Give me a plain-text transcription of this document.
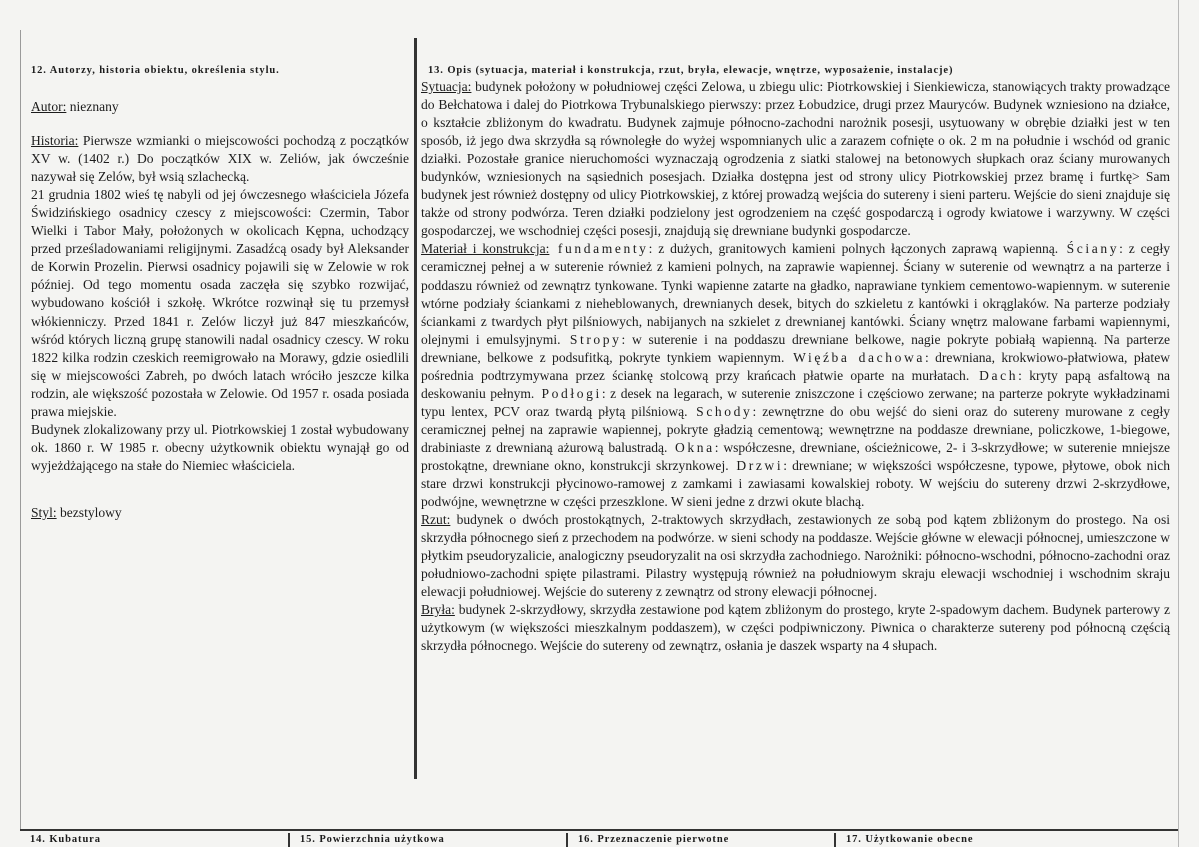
12. Autorzy, historia obiektu, określenia stylu.	13. Opis (sytuacja, materiał i konstrukcja, rzut, bryła, elewacje, wnętrze, wyposażenie, instalacje)

Autor: nieznany

Historia: Pierwsze wzmianki o miejscowości pochodzą z początków XV w. (1402 r.) Do początków XIX w. Zeliów, jak ówcześnie nazywał się Zelów, był wsią szlachecką.

21 grudnia 1802 wieś tę nabyli od jej ówczesnego właściciela Józefa Świdzińskiego osadnicy czescy z miejscowości: Czermin, Tabor Wielki i Tabor Mały, położonych w okolicach Kępna, uchodzący przed prześladowaniami religijnymi. Zasadźcą osady był Aleksander de Korwin Prozelin. Pierwsi osadnicy pojawili się w Zelowie w rok później. Od tego momentu osada zaczęła się szybko rozwijać, wybudowano kościół i szkołę. Wkrótce rozwinął się tu przemysł włókienniczy. Przed 1841 r. Zelów liczył już 847 mieszkańców, wśród których liczną grupę stanowili nadal osadnicy czescy. W roku 1822 kilka rodzin czeskich reemigrowało na Morawy, gdzie osiedlili się w miejscowości Zabreh, po dwóch latach wróciło jeszcze kilka rodzin, ale większość pozostała w Zelowie. Od 1957 r. osada posiada prawa miejskie.

Budynek zlokalizowany przy ul. Piotrkowskiej 1 został wybudowany ok. 1860 r. W 1985 r. obecny użytkownik obiektu wynajął go od wyjeżdżającego na stałe do Niemiec właściciela.

Styl: bezstylowy

Sytuacja: budynek położony w południowej części Zelowa, u zbiegu ulic: Piotrkowskiej i Sienkiewicza, stanowiących trakty prowadzące do Bełchatowa i dalej do Piotrkowa Trybunalskiego pierwszy: przez Łobudzice, drugi przez Mauryców. Budynek wzniesiono na działce, o kształcie zbliżonym do kwadratu. Budynek zajmuje północno-zachodni narożnik posesji, usytuowany w obrębie działki jest w ten sposób, iż jego dwa skrzydła są równoległe do wyżej wspomnianych ulic a zarazem cofnięte o ok. 2 m na południe i wschód od granic działki. Pozostałe granice nieruchomości wyznaczają ogrodzenia z siatki stalowej na betonowych słupkach oraz ściany murowanych budynków, wzniesionych na sąsiednich posesjach. Działka dostępna jest od strony ulicy Piotrkowskiej przez bramę i furtkę> Sam budynek jest również dostępny od ulicy Piotrkowskiej, z której prowadzą wejścia do sutereny i sieni parteru. Wejście do sieni znajduje się także od strony podwórza. Teren działki podzielony jest ogrodzeniem na część gospodarczą i ogrody kwiatowe i warzywny. W części gospodarczej, we wschodniej części posesji, znajdują się drewniane budynki gospodarcze.

Materiał i konstrukcja: fundamenty: z dużych, granitowych kamieni polnych łączonych zaprawą wapienną. Ściany: z cegły ceramicznej pełnej a w suterenie również z kamieni polnych, na zaprawie wapiennej. Ściany w suterenie od wewnątrz a na parterze i poddaszu również od zewnątrz tynkowane. Tynki wapienne zatarte na gładko, naprawiane tynkiem cementowo-wapiennym. w suterenie wtórne podziały ściankami z nieheblowanych, drewnianych desek, bitych do szkieletu z kantówki i okrąglaków. Na parterze podziały ściankami z twardych płyt pilśniowych, nabijanych na szkielet z drewnianej kantówki. Ściany wnętrz malowane farbami wapiennymi, olejnymi i emulsyjnymi. Stropy: w suterenie i na poddaszu drewniane belkowe, nagie pokryte pobiałą wapienną. Na parterze drewniane, belkowe z podsufitką, pokryte tynkiem wapiennym. Więźba dachowa: drewniana, krokwiowo-płatwiowa, płatew pośrednia podtrzymywana przez ściankę stolcową przy krańcach płatwie oparte na murłatach. Dach: kryty papą asfaltową na deskowaniu pełnym. Podłogi: z desek na legarach, w suterenie zniszczone i częściowo zerwane; na parterze pokryte wykładzinami typu lentex, PCV oraz twardą płytą pilśniową. Schody: zewnętrzne do obu wejść do sieni oraz do sutereny murowane z cegły ceramicznej pełnej na zaprawie wapiennej, pokryte gładzią cementową; wewnętrzne na poddasze drewniane, policzkowe, 1-biegowe, drabiniaste z drewnianą ażurową balustradą. Okna: współczesne, drewniane, ościeżnicowe, 2- i 3-skrzydłowe; w suterenie mniejsze prostokątne, drewniane okno, konstrukcji skrzynkowej. Drzwi: drewniane; w większości współczesne, typowe, płytowe, obok nich stare drzwi konstrukcji płycinowo-ramowej z zamkami i zawiasami kowalskiej roboty. W wejściu do sutereny drzwi 2-skrzydłowe, podwójne, wewnętrzne w części przeszklone. W sieni jedne z drzwi okute blachą.

Rzut: budynek o dwóch prostokątnych, 2-traktowych skrzydłach, zestawionych ze sobą pod kątem zbliżonym do prostego. Na osi skrzydła północnego sień z przechodem na podwórze. w sieni schody na poddasze. Wejście główne w elewacji północnej, umieszczone w płytkim pseudoryzalicie, analogiczny pseudoryzalit na osi skrzydła zachodniego. Narożniki: północno-wschodni, północno-zachodni oraz południowo-zachodni spięte pilastrami. Pilastry występują również na południowym skraju elewacji wschodniej i wschodnim skraju elewacji południowej. Wejście do sutereny z zewnątrz od strony elewacji północnej.

Bryła: budynek 2-skrzydłowy, skrzydła zestawione pod kątem zbliżonym do prostego, kryte 2-spadowym dachem. Budynek parterowy z użytkowym (w większości mieszkalnym poddaszem), w części podpiwniczony. Piwnica o charakterze sutereny pod północną częścią skrzydła północnego. Wejście do sutereny od zewnątrz, osłania je daszek wsparty na 4 słupach.

14. Kubatura	15. Powierzchnia użytkowa	16. Przeznaczenie pierwotne	17. Użytkowanie obecne
